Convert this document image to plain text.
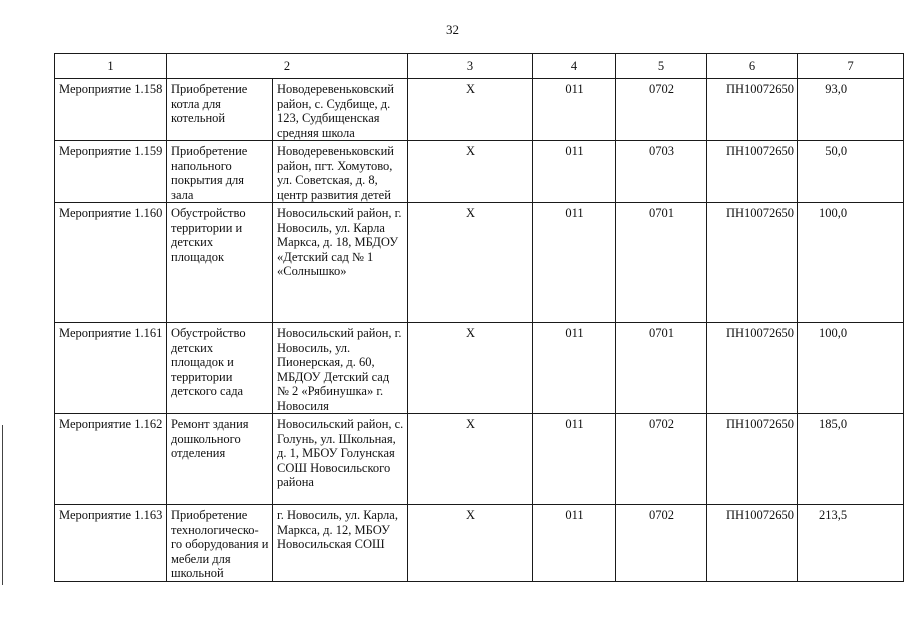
32
1	2		3	4	5	6	7
Мероприятие 1.158	Приобретение котла для котельной	Новодеревеньковский район, с. Судбище, д. 123, Судбищенская средняя школа	Х	011	0702	ПН10072650	93,0
Мероприятие 1.159	Приобретение напольного покрытия для зала	Новодеревеньковский район, пгт. Хомутово, ул. Советская, д. 8, центр развития детей	Х	011	0703	ПН10072650	50,0
Мероприятие 1.160	Обустройство территории и детских площадок	Новосильский район, г. Новосиль, ул. Карла Маркса, д. 18, МБДОУ «Детский сад № 1 «Солнышко»	Х	011	0701	ПН10072650	100,0
Мероприятие 1.161	Обустройство детских площадок и территории детского сада	Новосильский район, г. Новосиль, ул. Пионерская, д. 60, МБДОУ Детский сад № 2 «Рябинушка» г. Новосиля	Х	011	0701	ПН10072650	100,0
Мероприятие 1.162	Ремонт здания дошкольного отделения	Новосильский район, с. Голунь, ул. Школьная, д. 1, МБОУ Голунская СОШ Новосильского района	Х	011	0702	ПН10072650	185,0
Мероприятие 1.163	Приобретение технологическо-го оборудования и мебели для школьной	г. Новосиль, ул. Карла, Маркса, д. 12, МБОУ Новосильская СОШ	Х	011	0702	ПН10072650	213,5
